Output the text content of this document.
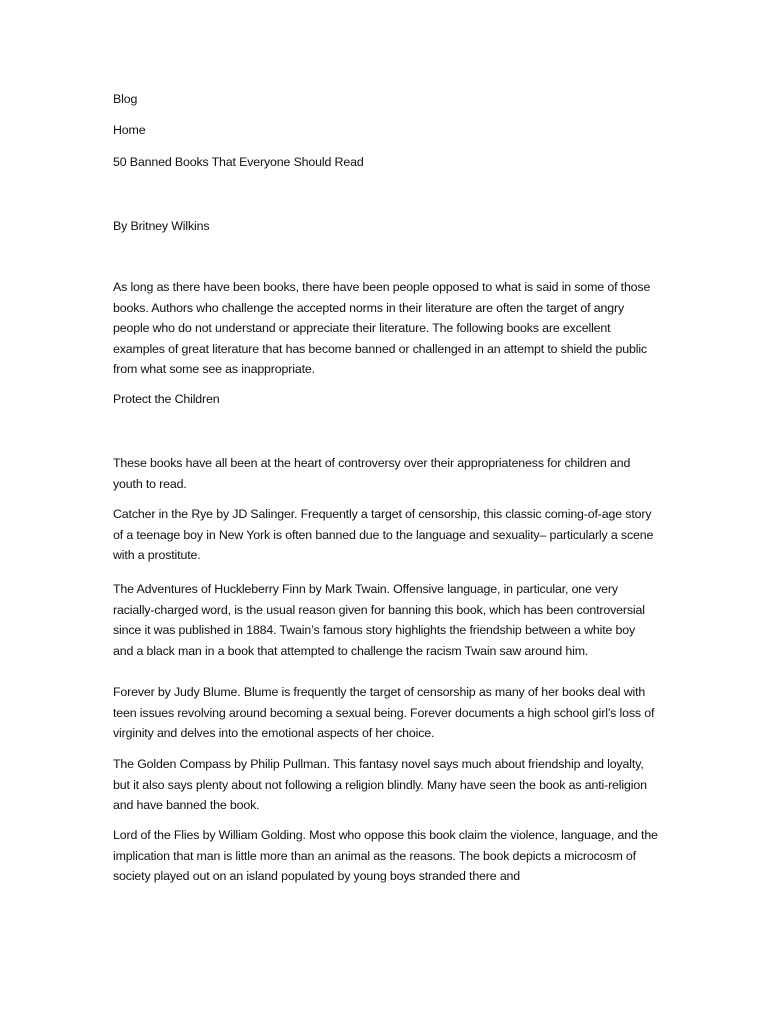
Blog
Home
50 Banned Books That Everyone Should Read
By Britney Wilkins

As long as there have been books, there have been people opposed to what is said in some of those books. Authors who challenge the accepted norms in their literature are often the target of angry people who do not understand or appreciate their literature. The following books are excellent examples of great literature that has become banned or challenged in an attempt to shield the public from what some see as inappropriate.

Protect the Children

These books have all been at the heart of controversy over their appropriateness for children and youth to read.

Catcher in the Rye by JD Salinger. Frequently a target of censorship, this classic coming-of-age story of a teenage boy in New York is often banned due to the language and sexuality– particularly a scene with a prostitute.

The Adventures of Huckleberry Finn by Mark Twain. Offensive language, in particular, one very racially-charged word, is the usual reason given for banning this book, which has been controversial since it was published in 1884. Twain’s famous story highlights the friendship between a white boy and a black man in a book that attempted to challenge the racism Twain saw around him.

Forever by Judy Blume. Blume is frequently the target of censorship as many of her books deal with teen issues revolving around becoming a sexual being. Forever documents a high school girl’s loss of virginity and delves into the emotional aspects of her choice.

The Golden Compass by Philip Pullman. This fantasy novel says much about friendship and loyalty, but it also says plenty about not following a religion blindly. Many have seen the book as anti-religion and have banned the book.

Lord of the Flies by William Golding. Most who oppose this book claim the violence, language, and the implication that man is little more than an animal as the reasons. The book depicts a microcosm of society played out on an island populated by young boys stranded there and
